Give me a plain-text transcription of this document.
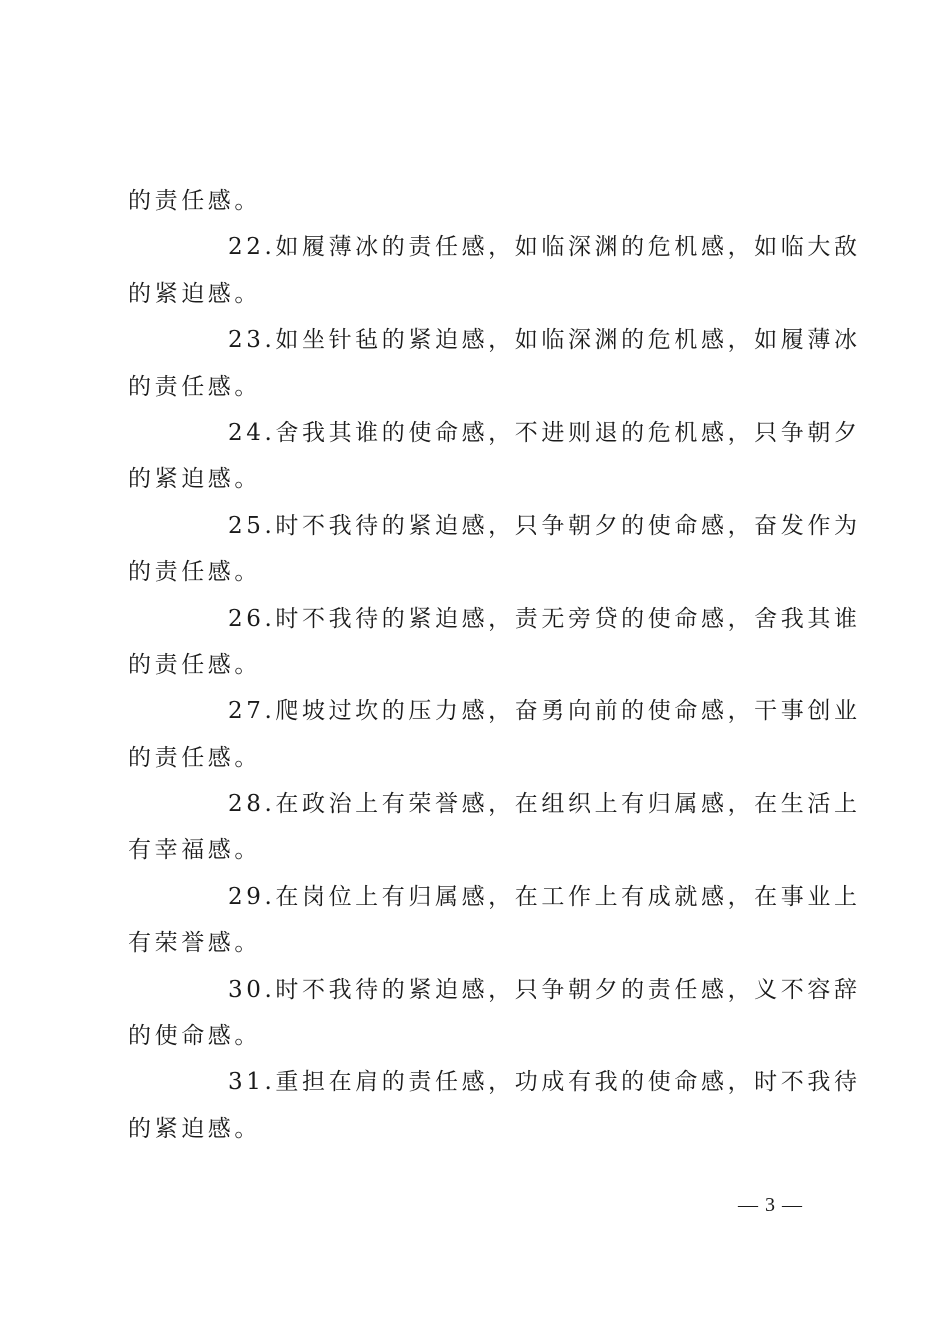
的责任感。
22.如履薄冰的责任感，如临深渊的危机感，如临大敌
的紧迫感。
23.如坐针毡的紧迫感，如临深渊的危机感，如履薄冰
的责任感。
24.舍我其谁的使命感，不进则退的危机感，只争朝夕
的紧迫感。
25.时不我待的紧迫感，只争朝夕的使命感，奋发作为
的责任感。
26.时不我待的紧迫感，责无旁贷的使命感，舍我其谁
的责任感。
27.爬坡过坎的压力感，奋勇向前的使命感，干事创业
的责任感。
28.在政治上有荣誉感，在组织上有归属感，在生活上
有幸福感。
29.在岗位上有归属感，在工作上有成就感，在事业上
有荣誉感。
30.时不我待的紧迫感，只争朝夕的责任感，义不容辞
的使命感。
31.重担在肩的责任感，功成有我的使命感，时不我待
的紧迫感。
— 3 —
